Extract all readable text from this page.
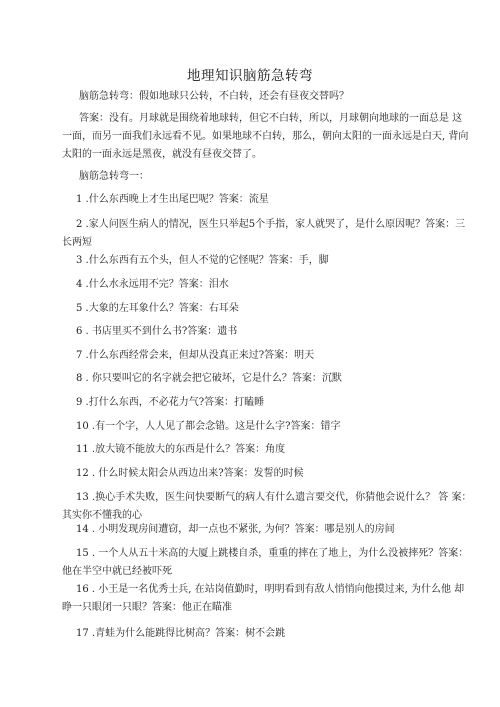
地理知识脑筋急转弯
脑筋急转弯：假如地球只公转，不白转，还会有昼夜交替吗？
答案：没有。月球就是围绕着地球转，但它不白转，所以，月球朝向地球的一面总是 这
一面，而另一面我们永远看不见。如果地球不白转，那么，朝向太阳的一面永远是白天, 背向
太阳的一面永远是黑夜，就没有昼夜交替了。
脑筋急转弯一：
1 .什么东西晚上才生出尾巴呢？答案：流星
2 .家人问医生病人的情况，医生只举起5个手指，家人就哭了，是什么原因呢？答案：三
长两短
3 .什么东西有五个头，但人不觉的它怪呢？答案：手，脚
4 .什么水永远用不完？答案：泪水
5 .大象的左耳象什么？答案：右耳朵
6 . 书店里买不到什么书?答案：遗书
7 .什么东西经常会来，但却从没真正来过?答案：明天
8 . 你只要叫它的名字就会把它破坏，它是什么？答案：沉默
9 .打什么东西，不必花力气?答案：打瞌睡
10 .有一个字，人人见了都会念错。这是什么字?答案：错字
11 .放大镜不能放大的东西是什么？答案：角度
12 . 什么时候太阳会从西边出来?答案：发誓的时候
13 .换心手术失败，医生问快要断气的病人有什么遗言要交代，你猜他会说什么？ 答 案：
其实你不懂我的心
14 . 小明发现房间遭窃，却一点也不紧张, 为何？答案：哪是别人的房间
15 . 一个人从五十米高的大厦上跳楼自杀，重重的摔在了地上，为什么没被摔死？答案：
他在半空中就已经被吓死
16 . 小王是一名优秀士兵, 在站岗值勤时，明明看到有敌人悄悄向他摸过来, 为什么他 却
睁一只眼闭一只眼？答案：他正在瞄准
17 .青蛙为什么能跳得比树高？答案：树不会跳
